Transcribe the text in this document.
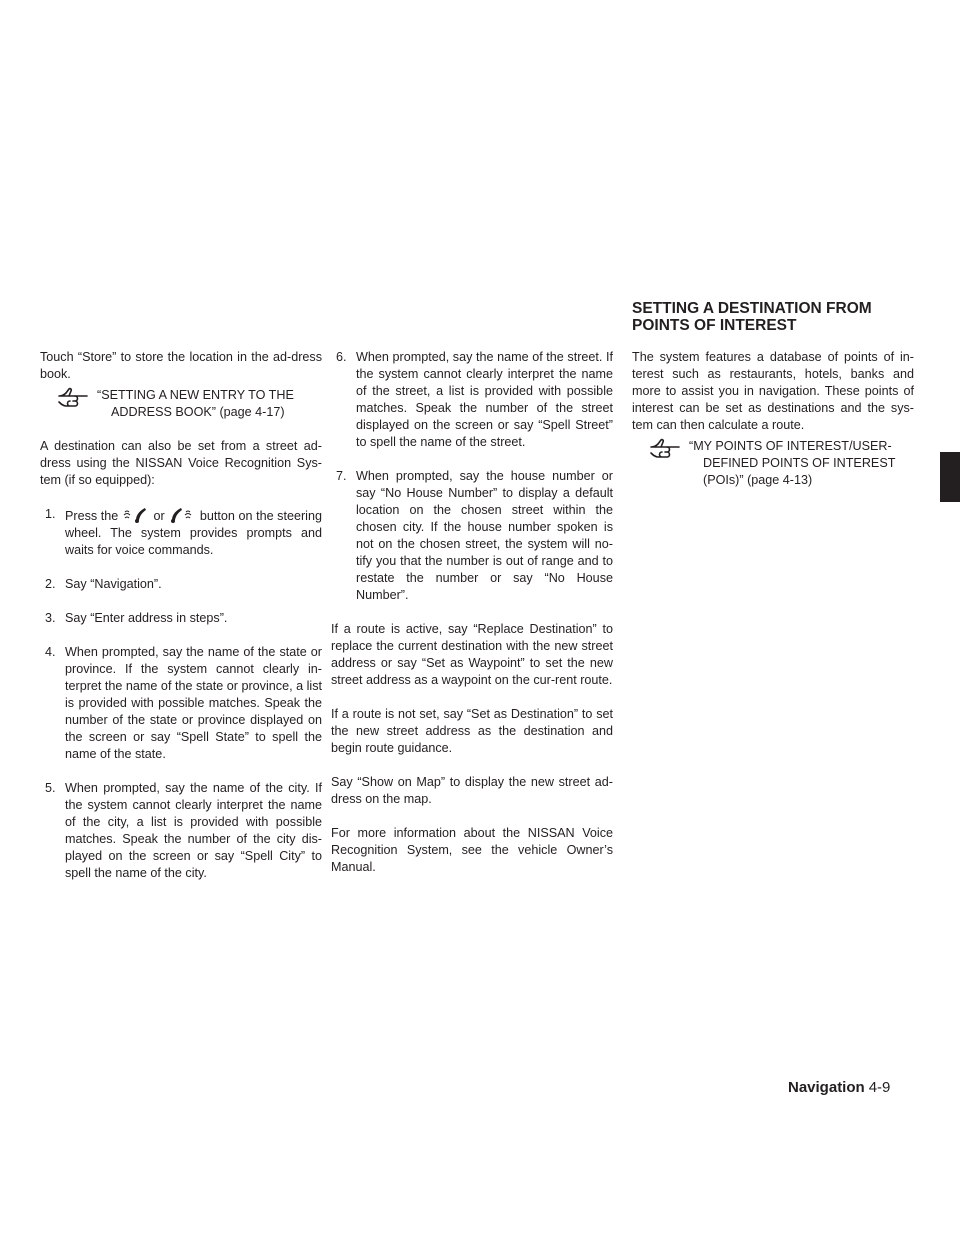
SETTING A DESTINATION FROM
POINTS OF INTEREST

Touch “Store” to store the location in the ad-dress book.

“SETTING A NEW ENTRY TO THE ADDRESS BOOK” (page 4-17)

A destination can also be set from a street ad-dress using the NISSAN Voice Recognition Sys-tem (if so equipped):

1. Press the	or	button on the steering wheel. The system provides prompts and waits for voice commands.
2. Say “Navigation”.
3. Say “Enter address in steps”.
4. When prompted, say the name of the state or province. If the system cannot clearly in-terpret the name of the state or province, a list is provided with possible matches. Speak the number of the state or province displayed on the screen or say “Spell State” to spell the name of the state.
5. When prompted, say the name of the city. If the system cannot clearly interpret the name of the city, a list is provided with possible matches. Speak the number of the city dis-played on the screen or say “Spell City” to spell the name of the city.
6. When prompted, say the name of the street. If the system cannot clearly interpret the name of the street, a list is provided with possible matches. Speak the number of the street displayed on the screen or say “Spell Street” to spell the name of the street.
7. When prompted, say the house number or say “No House Number” to display a default location on the chosen street within the chosen city. If the house number spoken is not on the chosen street, the system will no-tify you that the number is out of range and to restate the number or say “No House Number”.

If a route is active, say “Replace Destination” to replace the current destination with the new street address or say “Set as Waypoint” to set the new street address as a waypoint on the cur-rent route.

If a route is not set, say “Set as Destination” to set the new street address as the destination and begin route guidance.

Say “Show on Map” to display the new street ad-dress on the map.

For more information about the NISSAN Voice Recognition System, see the vehicle Owner’s Manual.

The system features a database of points of in-terest such as restaurants, hotels, banks and more to assist you in navigation. These points of interest can be set as destinations and the sys-tem can then calculate a route.

“MY POINTS OF INTEREST/USER-DEFINED POINTS OF INTEREST (POIs)” (page 4-13)
Navigation 4-9
